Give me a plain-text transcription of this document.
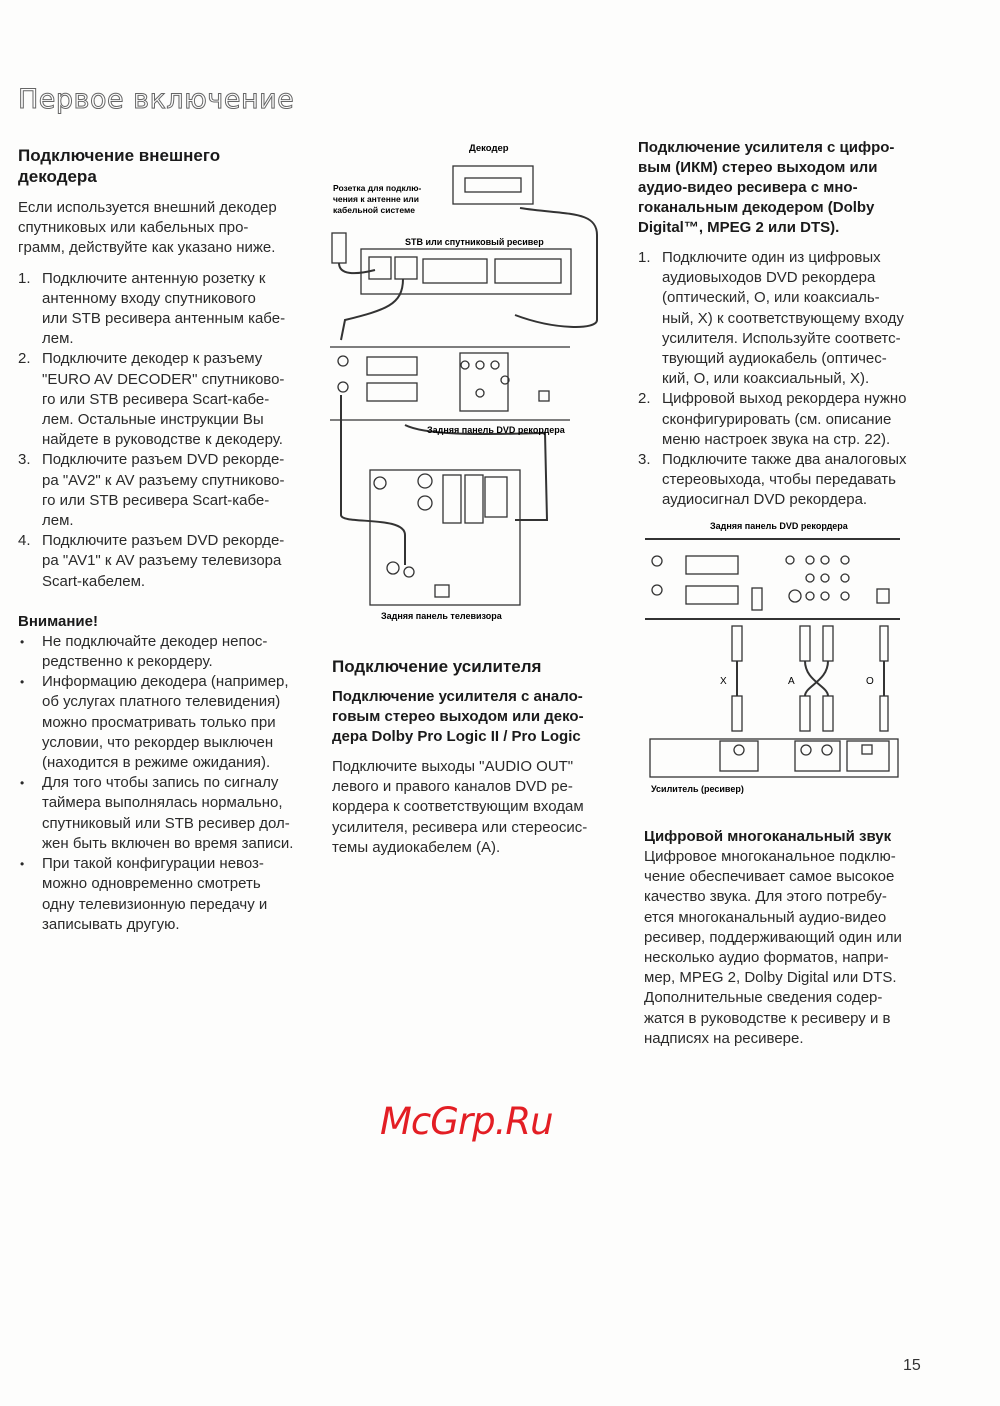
Первое включение
Подключение внешнего
декодера
Если используется внешний декодер
спутниковых или кабельных про-
грамм, действуйте как указано ниже.
1. Подключите антенную розетку к
антенному входу спутникового
или STB ресивера антенным кабе-
лем.
2. Подключите декодер к разъему
"EURO AV DECODER" спутниково-
го или STB ресивера Scart-кабе-
лем. Остальные инструкции Вы
найдете в руководстве к декодеру.
3. Подключите разъем DVD рекорде-
ра "AV2" к AV разъему спутниково-
го или STB ресивера Scart-кабе-
лем.
4. Подключите разъем DVD рекорде-
ра "AV1" к AV разъему телевизора
Scart-кабелем.
Внимание!
• Не подключайте декодер непос-
редственно к рекордеру.
• Информацию декодера (например,
об услугах платного телевидения)
можно просматривать только при
условии, что рекордер выключен
(находится в режиме ожидания).
• Для того чтобы запись по сигналу
таймера выполнялась нормально,
спутниковый или STB ресивер дол-
жен быть включен во время записи.
• При такой конфигурации невоз-
можно одновременно смотреть
одну телевизионную передачу и
записывать другую.
Декодер
Розетка для подклю-
чения к антенне или
кабельной системе
STB или спутниковый ресивер
Задняя панель DVD рекордера
Задняя панель телевизора
Подключение усилителя
Подключение усилителя с анало-
говым стерео выходом или деко-
дера Dolby Pro Logic II / Pro Logic
Подключите выходы "AUDIO OUT"
левого и правого каналов DVD ре-
кордера к соответствующим входам
усилителя, ресивера или стереосис-
темы аудиокабелем (А).
McGrp.Ru
Подключение усилителя с цифро-
вым (ИКМ) стерео выходом или
аудио-видео ресивера с мно-
гоканальным декодером (Dolby
Digital™, MPEG 2 или DTS).
1. Подключите один из цифровых
аудиовыходов DVD рекордера
(оптический, O, или коаксиаль-
ный, X) к соответствующему входу
усилителя. Используйте соответс-
твующий аудиокабель (оптичес-
кий, O, или коаксиальный, X).
2. Цифровой выход рекордера нужно
сконфигурировать (см. описание
меню настроек звука на стр. 22).
3. Подключите также два аналоговых
стереовыхода, чтобы передавать
аудиосигнал DVD рекордера.
Задняя панель DVD рекордера
X	A	O
Усилитель (ресивер)
Цифровой многоканальный звук
Цифровое многоканальное подклю-
чение обеспечивает самое высокое
качество звука. Для этого потребу-
ется многоканальный аудио-видео
ресивер, поддерживающий один или
несколько аудио форматов, напри-
мер, MPEG 2, Dolby Digital или DTS.
Дополнительные сведения содер-
жатся в руководстве к ресиверу и в
надписях на ресивере.
15
